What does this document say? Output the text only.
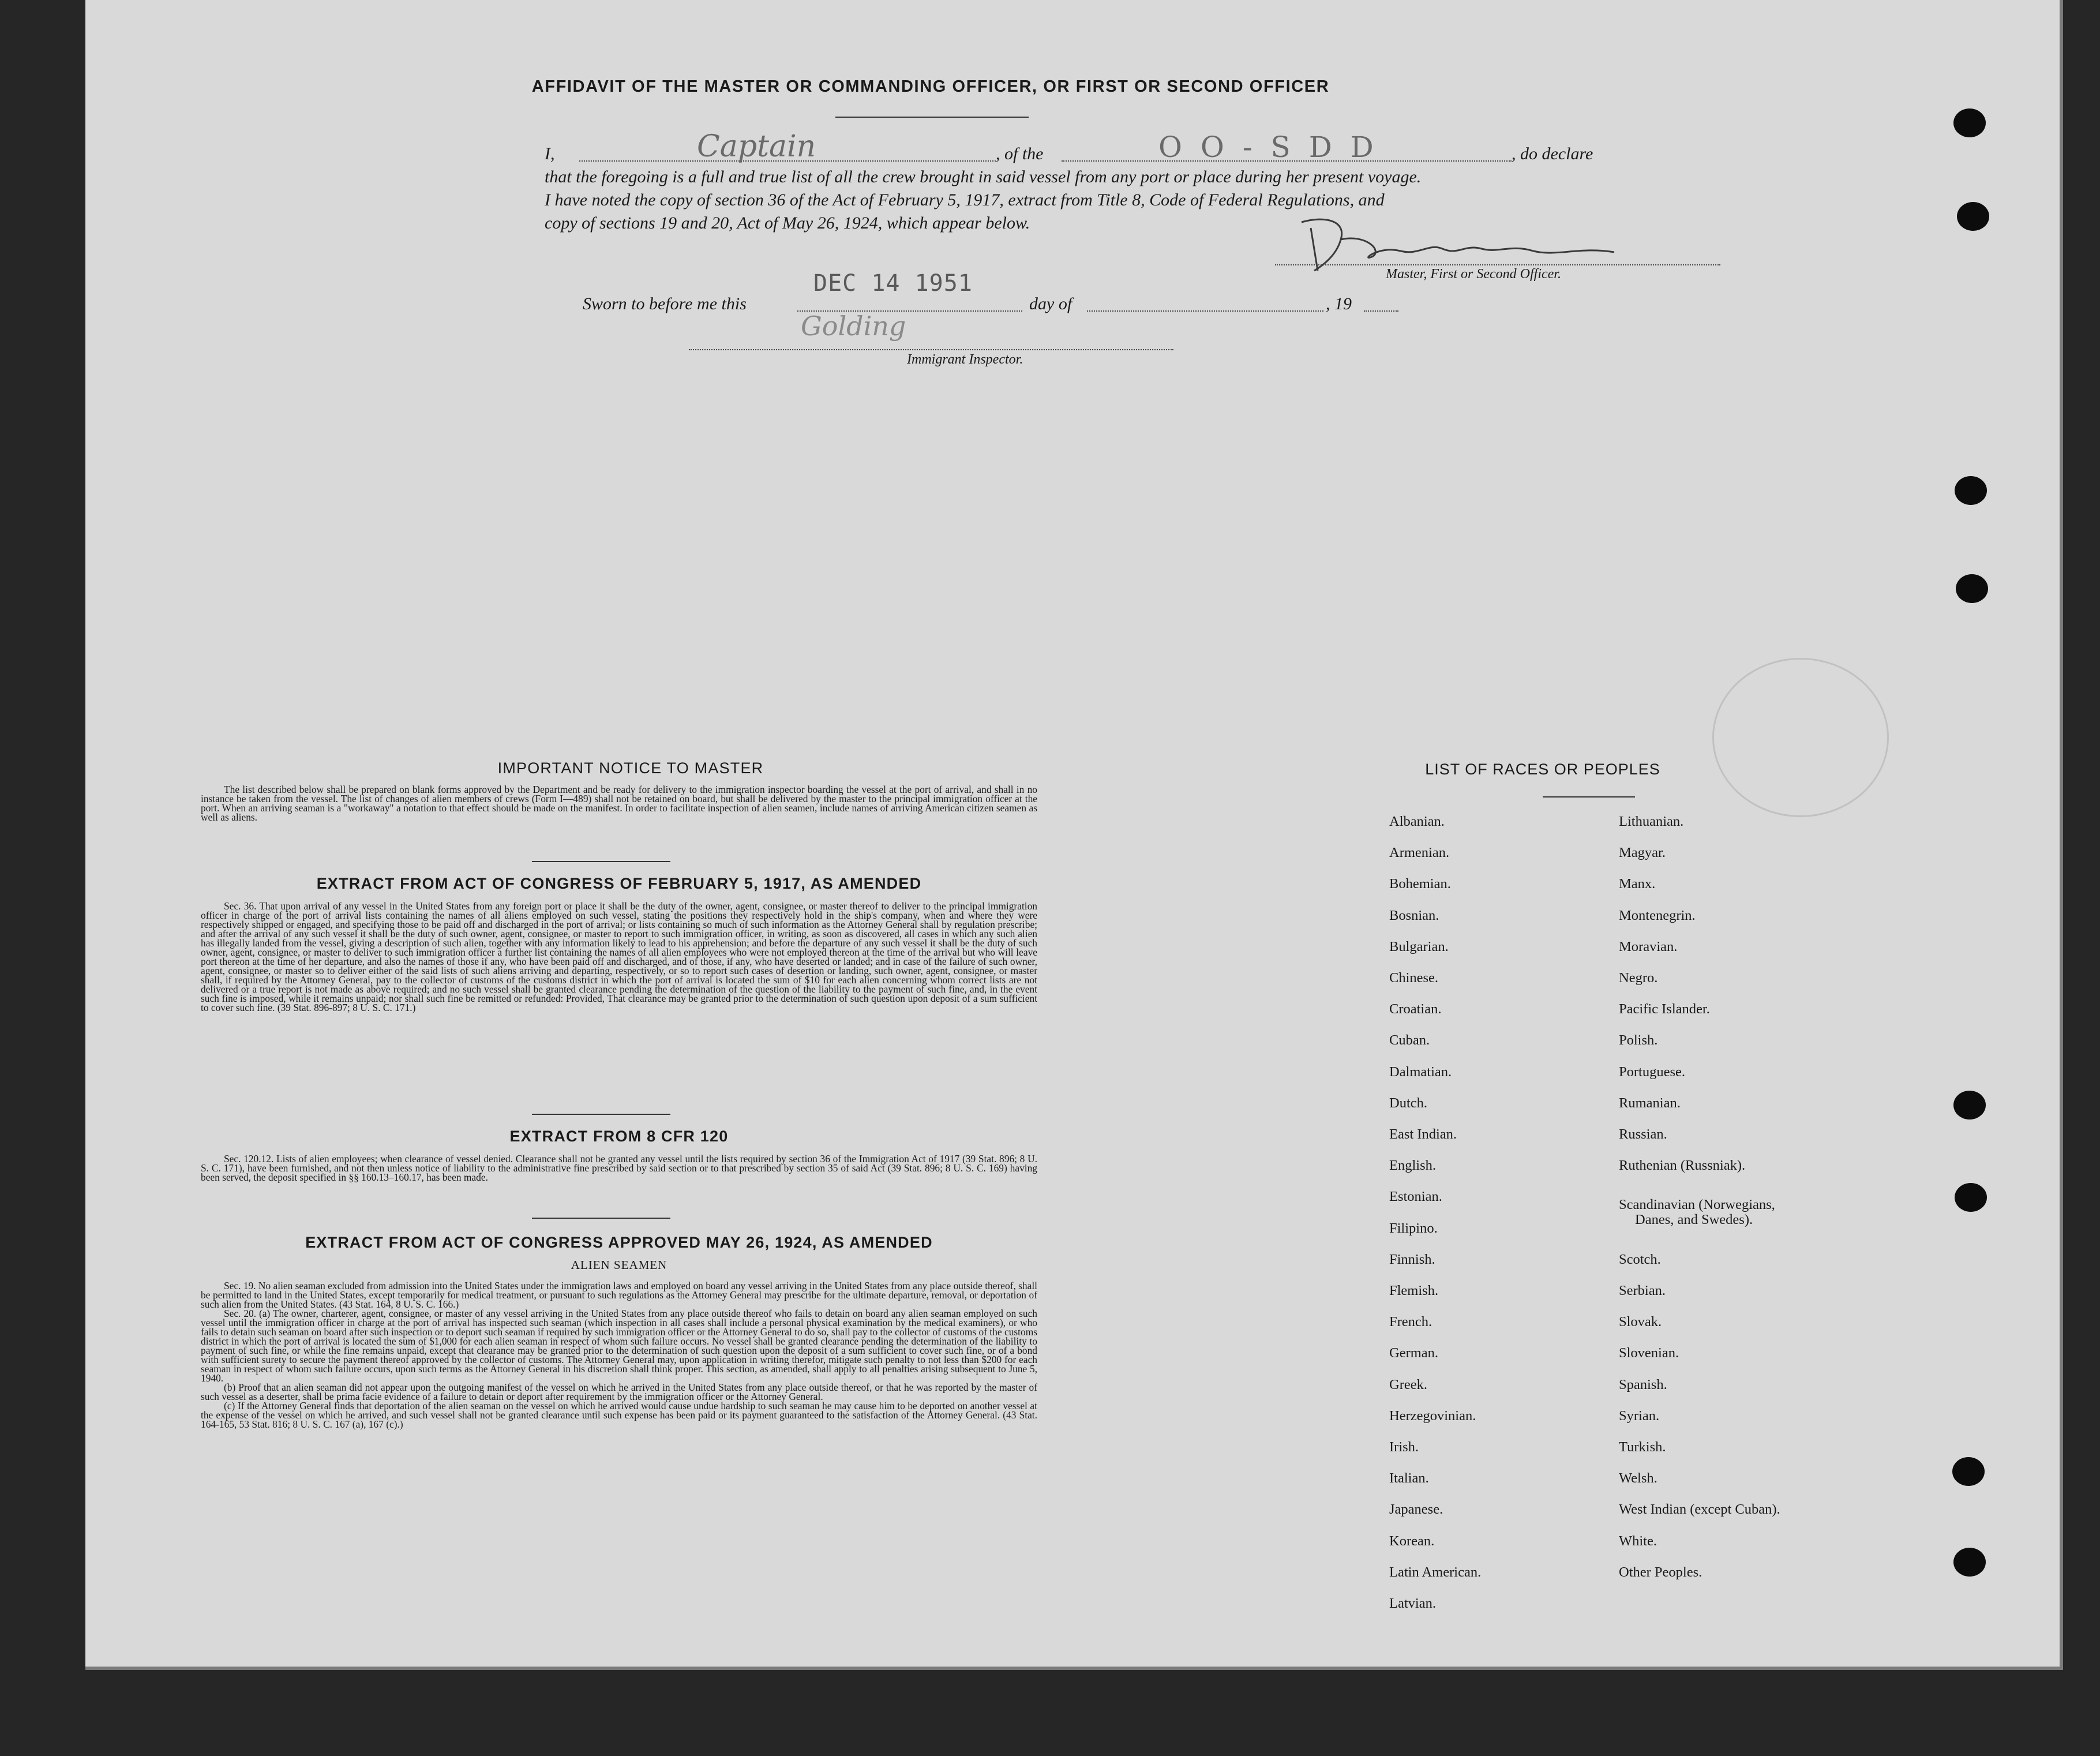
AFFIDAVIT OF THE MASTER OR COMMANDING OFFICER, OR FIRST OR SECOND OFFICER
I,	, of the	, do declare
Captain	O O - S D D
that the foregoing is a full and true list of all the crew brought in said vessel from any port or place during her present voyage.
I have noted the copy of section 36 of the Act of February 5, 1917, extract from Title 8, Code of Federal Regulations, and
copy of sections 19 and 20, Act of May 26, 1924, which appear below.
Master, First or Second Officer.
Sworn to before me this	day of	, 19
DEC 14 1951
Golding
Immigrant Inspector.
IMPORTANT NOTICE TO MASTER

The list described below shall be prepared on blank forms approved by the Department and be ready for delivery to the immigration inspector boarding the vessel at the port of arrival, and shall in no instance be taken from the vessel. The list of changes of alien members of crews (Form I—489) shall not be retained on board, but shall be delivered by the master to the principal immigration officer at the port. When an arriving seaman is a "workaway" a notation to that effect should be made on the manifest. In order to facilitate inspection of alien seamen, include names of arriving American citizen seamen as well as aliens.

EXTRACT FROM ACT OF CONGRESS OF FEBRUARY 5, 1917, AS AMENDED

Sec. 36. That upon arrival of any vessel in the United States from any foreign port or place it shall be the duty of the owner, agent, consignee, or master thereof to deliver to the principal immigration officer in charge of the port of arrival lists containing the names of all aliens employed on such vessel, stating the positions they respectively hold in the ship's company, when and where they were respectively shipped or engaged, and specifying those to be paid off and discharged in the port of arrival; or lists containing so much of such information as the Attorney General shall by regulation prescribe; and after the arrival of any such vessel it shall be the duty of such owner, agent, consignee, or master to report to such immigration officer, in writing, as soon as discovered, all cases in which any such alien has illegally landed from the vessel, giving a description of such alien, together with any information likely to lead to his apprehension; and before the departure of any such vessel it shall be the duty of such owner, agent, consignee, or master to deliver to such immigration officer a further list containing the names of all alien employees who were not employed thereon at the time of the arrival but who will leave port thereon at the time of her departure, and also the names of those if any, who have been paid off and discharged, and of those, if any, who have deserted or landed; and in case of the failure of such owner, agent, consignee, or master so to deliver either of the said lists of such aliens arriving and departing, respectively, or so to report such cases of desertion or landing, such owner, agent, consignee, or master shall, if required by the Attorney General, pay to the collector of customs of the customs district in which the port of arrival is located the sum of $10 for each alien concerning whom correct lists are not delivered or a true report is not made as above required; and no such vessel shall be granted clearance pending the determination of the question of the liability to the payment of such fine, and, in the event such fine is imposed, while it remains unpaid; nor shall such fine be remitted or refunded: Provided, That clearance may be granted prior to the determination of such question upon deposit of a sum sufficient to cover such fine. (39 Stat. 896-897; 8 U. S. C. 171.)

EXTRACT FROM 8 CFR 120

Sec. 120.12. Lists of alien employees; when clearance of vessel denied. Clearance shall not be granted any vessel until the lists required by section 36 of the Immigration Act of 1917 (39 Stat. 896; 8 U. S. C. 171), have been furnished, and not then unless notice of liability to the administrative fine prescribed by said section or to that prescribed by section 35 of said Act (39 Stat. 896; 8 U. S. C. 169) having been served, the deposit specified in §§ 160.13–160.17, has been made.

EXTRACT FROM ACT OF CONGRESS APPROVED MAY 26, 1924, AS AMENDED
ALIEN SEAMEN

Sec. 19. No alien seaman excluded from admission into the United States under the immigration laws and employed on board any vessel arriving in the United States from any place outside thereof, shall be permitted to land in the United States, except temporarily for medical treatment, or pursuant to such regulations as the Attorney General may prescribe for the ultimate departure, removal, or deportation of such alien from the United States. (43 Stat. 164, 8 U. S. C. 166.)

Sec. 20. (a) The owner, charterer, agent, consignee, or master of any vessel arriving in the United States from any place outside thereof who fails to detain on board any alien seaman employed on such vessel until the immigration officer in charge at the port of arrival has inspected such seaman (which inspection in all cases shall include a personal physical examination by the medical examiners), or who fails to detain such seaman on board after such inspection or to deport such seaman if required by such immigration officer or the Attorney General to do so, shall pay to the collector of customs of the customs district in which the port of arrival is located the sum of $1,000 for each alien seaman in respect of whom such failure occurs. No vessel shall be granted clearance pending the determination of the liability to payment of such fine, or while the fine remains unpaid, except that clearance may be granted prior to the determination of such question upon the deposit of a sum sufficient to cover such fine, or of a bond with sufficient surety to secure the payment thereof approved by the collector of customs. The Attorney General may, upon application in writing therefor, mitigate such penalty to not less than $200 for each seaman in respect of whom such failure occurs, upon such terms as the Attorney General in his discretion shall think proper. This section, as amended, shall apply to all penalties arising subsequent to June 5, 1940.

(b) Proof that an alien seaman did not appear upon the outgoing manifest of the vessel on which he arrived in the United States from any place outside thereof, or that he was reported by the master of such vessel as a deserter, shall be prima facie evidence of a failure to detain or deport after requirement by the immigration officer or the Attorney General.

(c) If the Attorney General finds that deportation of the alien seaman on the vessel on which he arrived would cause undue hardship to such seaman he may cause him to be deported on another vessel at the expense of the vessel on which he arrived, and such vessel shall not be granted clearance until such expense has been paid or its payment guaranteed to the satisfaction of the Attorney General. (43 Stat. 164-165, 53 Stat. 816; 8 U. S. C. 167 (a), 167 (c).)

LIST OF RACES OR PEOPLES
Albanian.
Armenian.
Bohemian.
Bosnian.
Bulgarian.
Chinese.
Croatian.
Cuban.
Dalmatian.
Dutch.
East Indian.
English.
Estonian.
Filipino.
Finnish.
Flemish.
French.
German.
Greek.
Herzegovinian.
Irish.
Italian.
Japanese.
Korean.
Latin American.
Latvian.
Lithuanian.
Magyar.
Manx.
Montenegrin.
Moravian.
Negro.
Pacific Islander.
Polish.
Portuguese.
Rumanian.
Russian.
Ruthenian (Russniak).
Scandinavian (Norwegians,
Danes, and Swedes).
Scotch.
Serbian.
Slovak.
Slovenian.
Spanish.
Syrian.
Turkish.
Welsh.
West Indian (except Cuban).
White.
Other Peoples.
